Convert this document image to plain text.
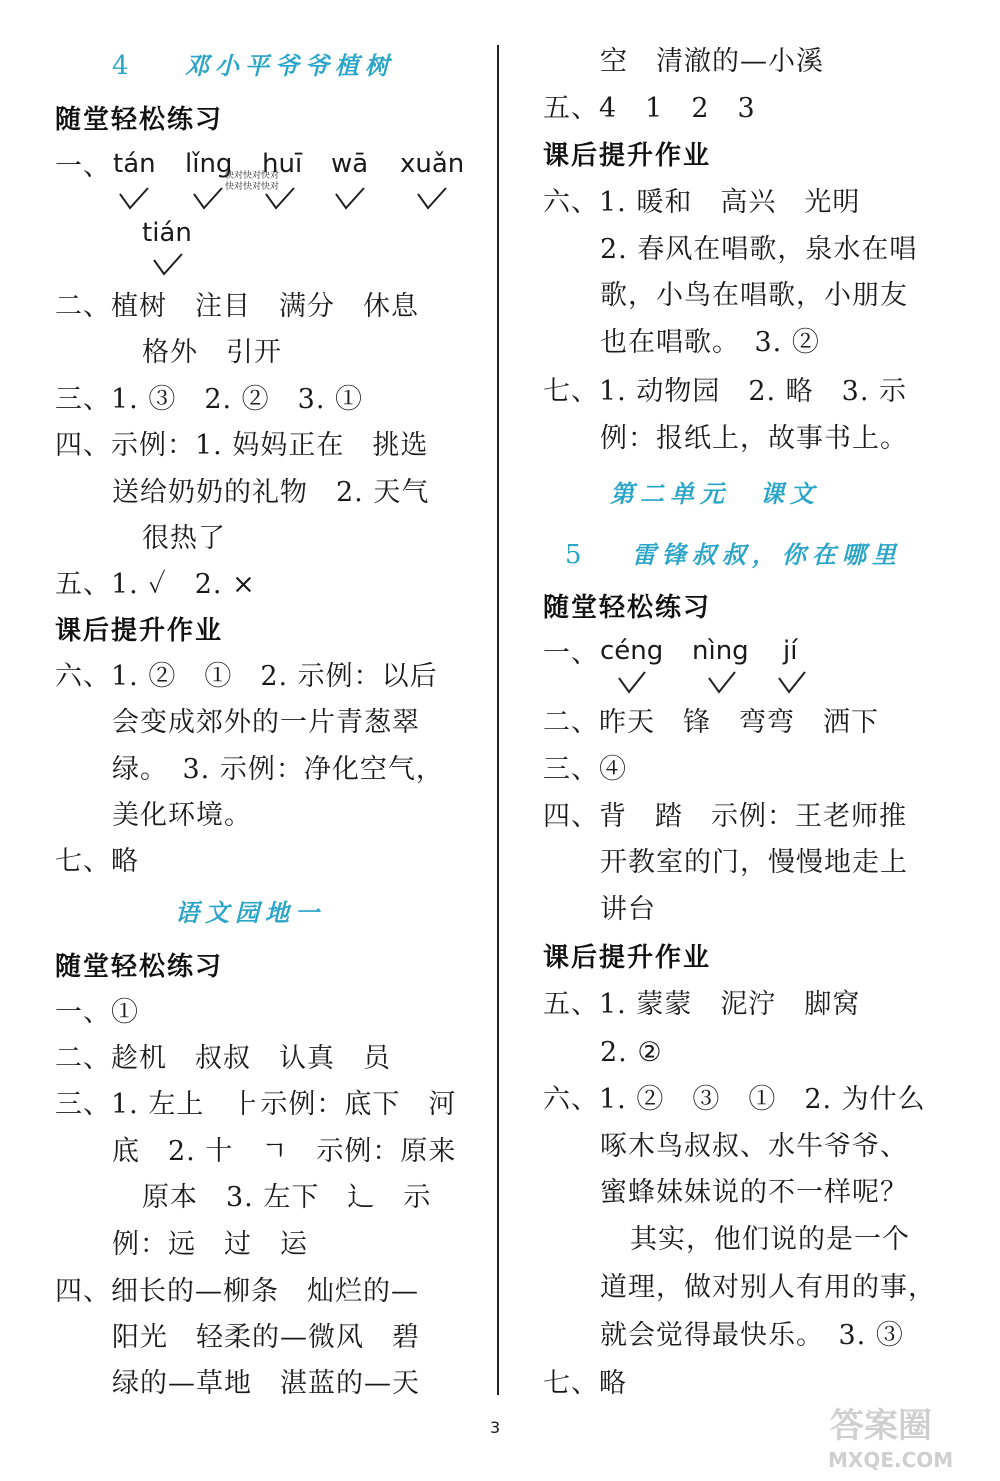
4 邓小平爷爷植树
随堂轻松练习
一、 tán lǐng huī wā xuǎn
快对快对快对
快对快对快对
tián
二、植树　注目　满分　休息
格外　引开
三、1. ③　2. ②　3. ①
四、示例：1. 妈妈正在　挑选
送给奶奶的礼物　2. 天气
很热了
五、1. ✓　2. ×
课后提升作业
六、1. ②　①　2. 示例：以后
会变成郊外的一片青葱翠
绿。　3. 示例：净化空气，
美化环境。
七、略
语文园地一
随堂轻松练习
一、①
二、趁机　叔叔　认真　员
三、1. 左上　⺊示例：底下　河
底　2. 十　ㄱ　示例：原来
原本　3. 左下　辶　示
例：远　过　运
四、细长的—柳条　灿烂的—
阳光　轻柔的—微风　碧
绿的—草地　湛蓝的—天
空　清澈的—小溪
五、4　1　2　3
课后提升作业
六、1. 暖和　高兴　光明
2. 春风在唱歌，泉水在唱
歌，小鸟在唱歌，小朋友
也在唱歌。　3. ②
七、1. 动物园　2. 略　3. 示
例：报纸上，故事书上。
第二单元　课文
5 雷锋叔叔，你在哪里
随堂轻松练习
一、 céng nìng jí
二、昨天　锋　弯弯　洒下
三、④
四、背　踏　示例：王老师推
开教室的门，慢慢地走上
讲台
课后提升作业
五、1. 蒙蒙　泥泞　脚窝
2. ②
六、1. ②　③　①　2. 为什么
啄木鸟叔叔、水牛爷爷、
蜜蜂妹妹说的不一样呢？
其实，他们说的是一个
道理，做对别人有用的事，
就会觉得最快乐。　3. ③
七、略
3	答案圈
MXQE.COM
